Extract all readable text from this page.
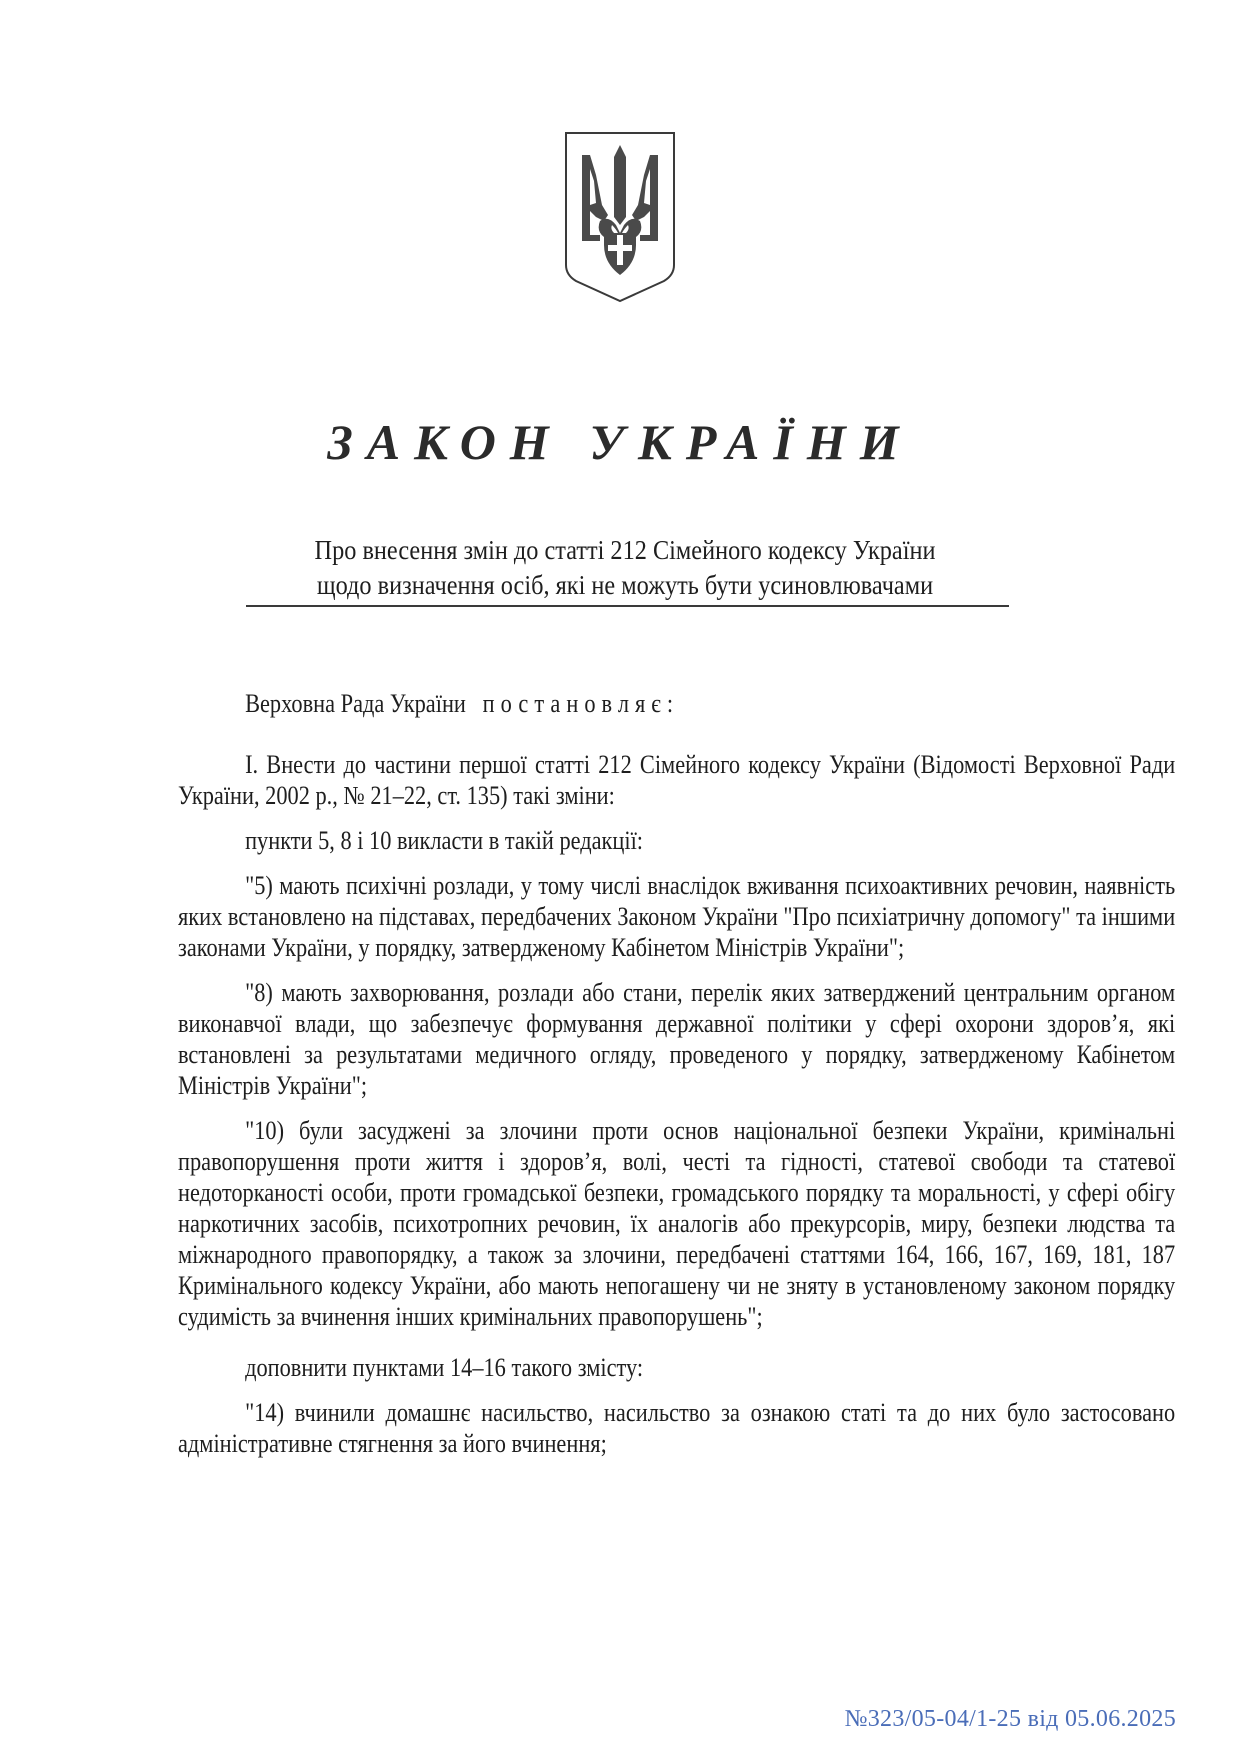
ЗАКОН УКРАЇНИ
Про внесення змін до статті 212 Сімейного кодексу України
щодо визначення осіб, які не можуть бути усиновлювачами

Верховна Рада України постановляє:

І. Внести до частини першої статті 212 Сімейного кодексу України (Відомості Верховної Ради України, 2002 р., № 21–22, ст. 135) такі зміни:

пункти 5, 8 і 10 викласти в такій редакції:

"5) мають психічні розлади, у тому числі внаслідок вживання психоактивних речовин, наявність яких встановлено на підставах, передбачених Законом України "Про психіатричну допомогу" та іншими законами України, у порядку, затвердженому Кабінетом Міністрів України";

"8) мають захворювання, розлади або стани, перелік яких затверджений центральним органом виконавчої влади, що забезпечує формування державної політики у сфері охорони здоров’я, які встановлені за результатами медичного огляду, проведеного у порядку, затвердженому Кабінетом Міністрів України";

"10) були засуджені за злочини проти основ національної безпеки України, кримінальні правопорушення проти життя і здоров’я, волі, честі та гідності, статевої свободи та статевої недоторканості особи, проти громадської безпеки, громадського порядку та моральності, у сфері обігу наркотичних засобів, психотропних речовин, їх аналогів або прекурсорів, миру, безпеки людства та міжнародного правопорядку, а також за злочини, передбачені статтями 164, 166, 167, 169, 181, 187 Кримінального кодексу України, або мають непогашену чи не зняту в установленому законом порядку судимість за вчинення інших кримінальних правопорушень";

доповнити пунктами 14–16 такого змісту:

"14) вчинили домашнє насильство, насильство за ознакою статі та до них було застосовано адміністративне стягнення за його вчинення;

№323/05-04/1-25 від 05.06.2025
